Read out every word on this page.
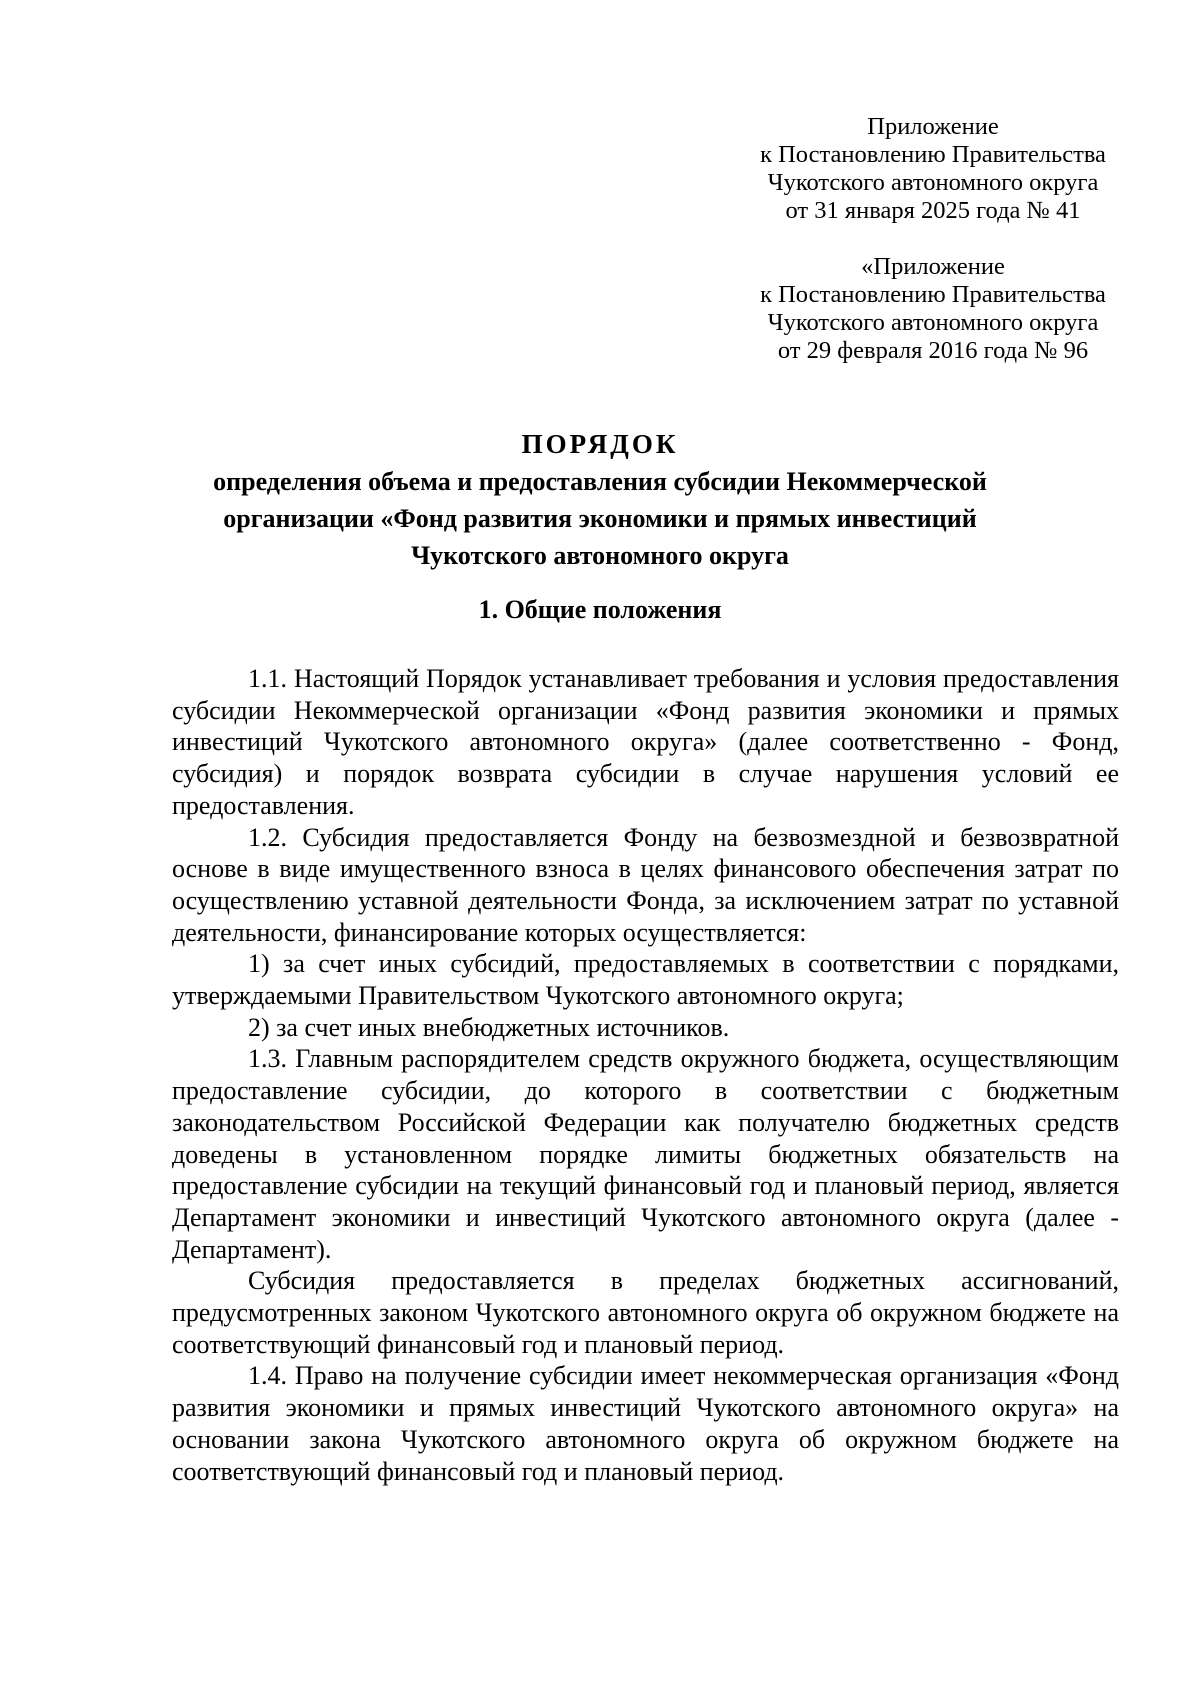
Приложение
к Постановлению Правительства
Чукотского автономного округа
от 31 января 2025 года № 41
«Приложение
к Постановлению Правительства
Чукотского автономного округа
от 29 февраля 2016 года № 96
ПОРЯДОК
определения объема и предоставления субсидии Некоммерческой
организации «Фонд развития экономики и прямых инвестиций
Чукотского автономного округа
1. Общие положения

1.1. Настоящий Порядок устанавливает требования и условия предоставления субсидии Некоммерческой организации «Фонд развития экономики и прямых инвестиций Чукотского автономного округа» (далее соответственно - Фонд, субсидия) и порядок возврата субсидии в случае нарушения условий ее предоставления.

1.2. Субсидия предоставляется Фонду на безвозмездной и безвозвратной основе в виде имущественного взноса в целях финансового обеспечения затрат по осуществлению уставной деятельности Фонда, за исключением затрат по уставной деятельности, финансирование которых осуществляется:

1) за счет иных субсидий, предоставляемых в соответствии с порядками, утверждаемыми Правительством Чукотского автономного округа;

2) за счет иных внебюджетных источников.

1.3. Главным распорядителем средств окружного бюджета, осуществляющим предоставление субсидии, до которого в соответствии с бюджетным законодательством Российской Федерации как получателю бюджетных средств доведены в установленном порядке лимиты бюджетных обязательств на предоставление субсидии на текущий финансовый год и плановый период, является Департамент экономики и инвестиций Чукотского автономного округа (далее - Департамент).

Субсидия предоставляется в пределах бюджетных ассигнований, предусмотренных законом Чукотского автономного округа об окружном бюджете на соответствующий финансовый год и плановый период.

1.4. Право на получение субсидии имеет некоммерческая организация «Фонд развития экономики и прямых инвестиций Чукотского автономного округа» на основании закона Чукотского автономного округа об окружном бюджете на соответствующий финансовый год и плановый период.
